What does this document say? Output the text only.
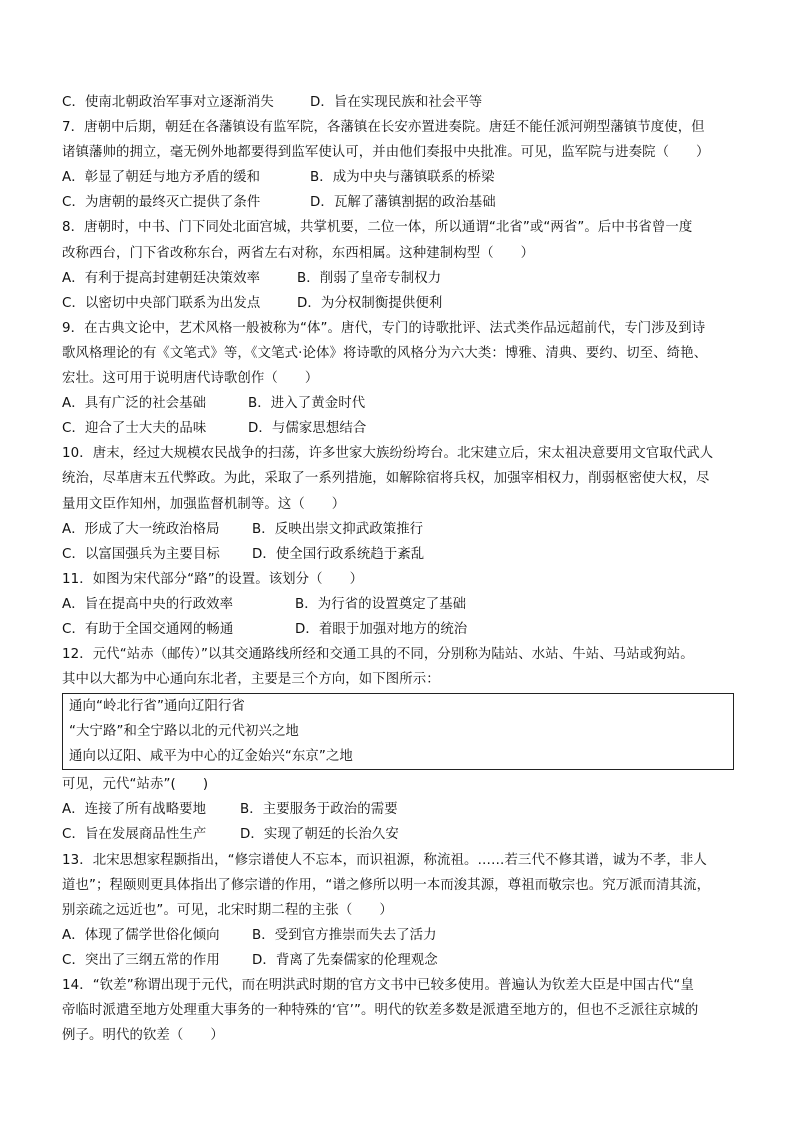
C．使南北朝政治军事对立逐渐消失	D．旨在实现民族和社会平等
7．唐朝中后期，朝廷在各藩镇设有监军院，各藩镇在长安亦置进奏院。唐廷不能任派河朔型藩镇节度使，但
诸镇藩帅的拥立，毫无例外地都要得到监军使认可，并由他们奏报中央批准。可见，监军院与进奏院（　　）
A．彰显了朝廷与地方矛盾的缓和	B．成为中央与藩镇联系的桥梁
C．为唐朝的最终灭亡提供了条件	D．瓦解了藩镇割据的政治基础
8．唐朝时，中书、门下同处北面宫城，共掌机要，二位一体，所以通谓“北省”或“两省”。后中书省曾一度
改称西台，门下省改称东台，两省左右对称，东西相属。这种建制构型（　　）
A．有利于提高封建朝廷决策效率	B．削弱了皇帝专制权力
C．以密切中央部门联系为出发点	D．为分权制衡提供便利
9．在古典文论中，艺术风格一般被称为“体”。唐代，专门的诗歌批评、法式类作品远超前代，专门涉及到诗
歌风格理论的有《文笔式》等，《文笔式·论体》将诗歌的风格分为六大类：博雅、清典、要约、切至、绮艳、
宏壮。这可用于说明唐代诗歌创作（　　）
A．具有广泛的社会基础	B．进入了黄金时代
C．迎合了士大夫的品味	D．与儒家思想结合
10．唐末，经过大规模农民战争的扫荡，许多世家大族纷纷垮台。北宋建立后，宋太祖决意要用文官取代武人
统治，尽革唐末五代弊政。为此，采取了一系列措施，如解除宿将兵权，加强宰相权力，削弱枢密使大权，尽
量用文臣作知州，加强监督机制等。这（　　）
A．形成了大一统政治格局	B．反映出崇文抑武政策推行
C．以富国强兵为主要目标	D．使全国行政系统趋于紊乱
11．如图为宋代部分“路”的设置。该划分（　　）
A．旨在提高中央的行政效率	B．为行省的设置奠定了基础
C．有助于全国交通网的畅通	D．着眼于加强对地方的统治
12．元代“站赤（邮传）”以其交通路线所经和交通工具的不同，分别称为陆站、水站、牛站、马站或狗站。
其中以大都为中心通向东北者，主要是三个方向，如下图所示：
通向“岭北行省”通向辽阳行省
“大宁路”和全宁路以北的元代初兴之地
通向以辽阳、咸平为中心的辽金始兴“东京”之地
可见，元代“站赤”(　　)
A．连接了所有战略要地	B．主要服务于政治的需要
C．旨在发展商品性生产	D．实现了朝廷的长治久安
13．北宋思想家程颢指出，“修宗谱使人不忘本，而识祖源，称流祖。……若三代不修其谱，诚为不孝，非人
道也”；程颐则更具体指出了修宗谱的作用，“谱之修所以明一本而浚其源，尊祖而敬宗也。究万派而清其流，
别亲疏之远近也”。可见，北宋时期二程的主张（　　）
A．体现了儒学世俗化倾向	B．受到官方推崇而失去了活力
C．突出了三纲五常的作用	D．背离了先秦儒家的伦理观念
14．“钦差”称谓出现于元代，而在明洪武时期的官方文书中已较多使用。普遍认为钦差大臣是中国古代“皇
帝临时派遣至地方处理重大事务的一种特殊的‘官’”。明代的钦差多数是派遣至地方的，但也不乏派往京城的
例子。明代的钦差（　　）
